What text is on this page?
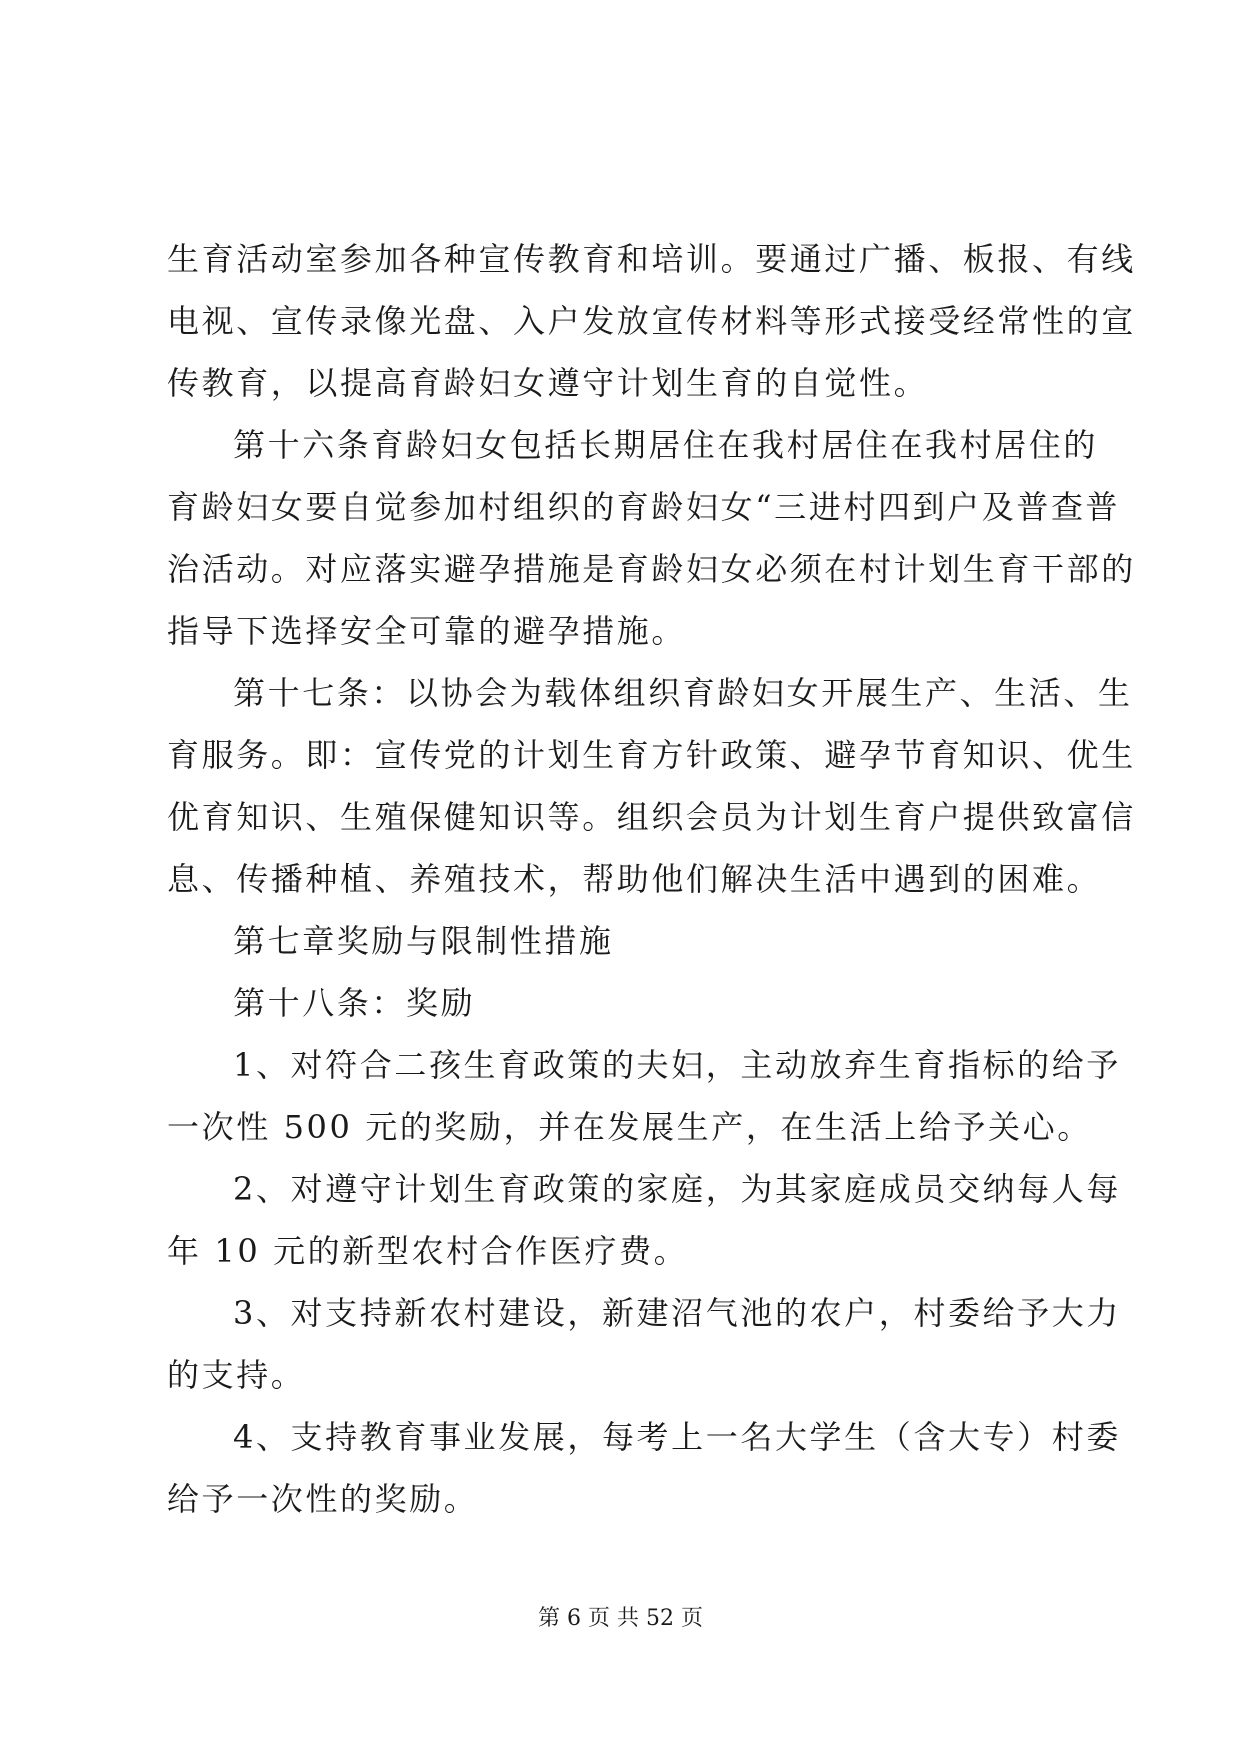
生育活动室参加各种宣传教育和培训。要通过广播、板报、有线
电视、宣传录像光盘、入户发放宣传材料等形式接受经常性的宣
传教育，以提高育龄妇女遵守计划生育的自觉性。
第十六条育龄妇女包括长期居住在我村居住在我村居住的
育龄妇女要自觉参加村组织的育龄妇女“三进村四到户及普查普
治活动。对应落实避孕措施是育龄妇女必须在村计划生育干部的
指导下选择安全可靠的避孕措施。
第十七条：以协会为载体组织育龄妇女开展生产、生活、生
育服务。即：宣传党的计划生育方针政策、避孕节育知识、优生
优育知识、生殖保健知识等。组织会员为计划生育户提供致富信
息、传播种植、养殖技术，帮助他们解决生活中遇到的困难。
第七章奖励与限制性措施
第十八条：奖励
1、对符合二孩生育政策的夫妇，主动放弃生育指标的给予
一次性 500 元的奖励，并在发展生产，在生活上给予关心。
2、对遵守计划生育政策的家庭，为其家庭成员交纳每人每
年 10 元的新型农村合作医疗费。
3、对支持新农村建设，新建沼气池的农户，村委给予大力
的支持。
4、支持教育事业发展，每考上一名大学生（含大专）村委
给予一次性的奖励。
第 6 页 共 52 页
